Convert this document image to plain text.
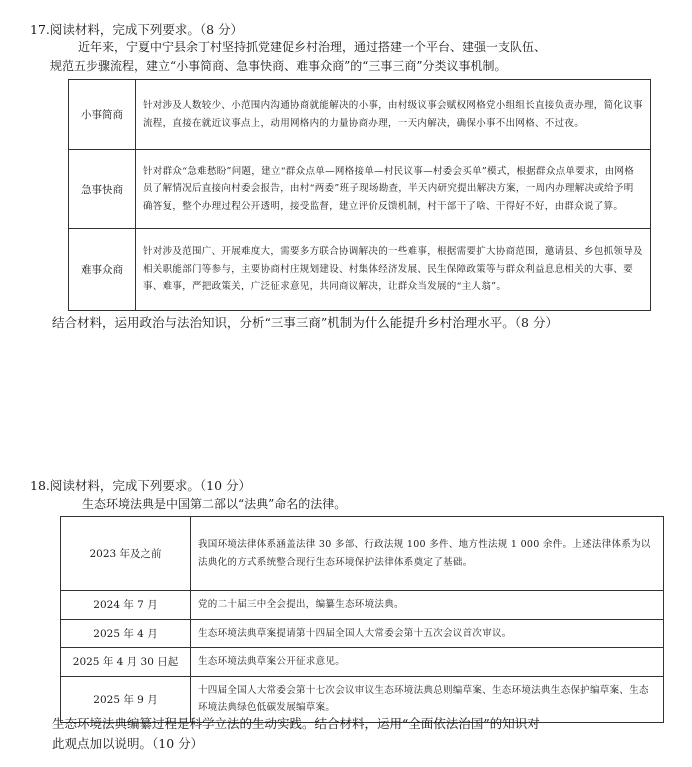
17.阅读材料，完成下列要求。（8 分）
近年来，宁夏中宁县余丁村坚持抓党建促乡村治理，通过搭建一个平台、建强一支队伍、
规范五步骤流程，建立“小事简商、急事快商、难事众商”的“三事三商”分类议事机制。
小事简商	针对涉及人数较少、小范围内沟通协商就能解决的小事，由村级议事会赋权网格党小组组长直接负责办理，简化议事流程，直接在就近议事点上，动用网格内的力量协商办理，一天内解决，确保小事不出网格、不过夜。
急事快商	针对群众“急难愁盼”问题，建立“群众点单—网格接单—村民议事—村委会买单”模式，根据群众点单要求，由网格员了解情况后直接向村委会报告，由村“两委”班子现场勘查，半天内研究提出解决方案，一周内办理解决或给予明确答复，整个办理过程公开透明，接受监督，建立评价反馈机制，村干部干了啥、干得好不好，由群众说了算。
难事众商	针对涉及范围广、开展难度大，需要多方联合协调解决的一些难事，根据需要扩大协商范围，邀请县、乡包抓领导及相关职能部门等参与，主要协商村庄规划建设、村集体经济发展、民生保障政策等与群众利益息息相关的大事、要事、难事，严把政策关，广泛征求意见，共同商议解决，让群众当发展的“主人翁”。
结合材料，运用政治与法治知识，分析“三事三商”机制为什么能提升乡村治理水平。（8 分）
18.阅读材料，完成下列要求。（10 分）
生态环境法典是中国第二部以“法典”命名的法律。
2023 年及之前	我国环境法律体系涵盖法律 30 多部、行政法规 100 多件、地方性法规 1 000 余件。上述法律体系为以法典化的方式系统整合现行生态环境保护法律体系奠定了基础。
2024 年 7 月	党的二十届三中全会提出，编纂生态环境法典。
2025 年 4 月	生态环境法典草案提请第十四届全国人大常委会第十五次会议首次审议。
2025 年 4 月 30 日起	生态环境法典草案公开征求意见。
2025 年 9 月	十四届全国人大常委会第十七次会议审议生态环境法典总则编草案、生态环境法典生态保护编草案、生态环境法典绿色低碳发展编草案。
生态环境法典编纂过程是科学立法的生动实践。结合材料，运用“全面依法治国”的知识对
此观点加以说明。（10 分）
